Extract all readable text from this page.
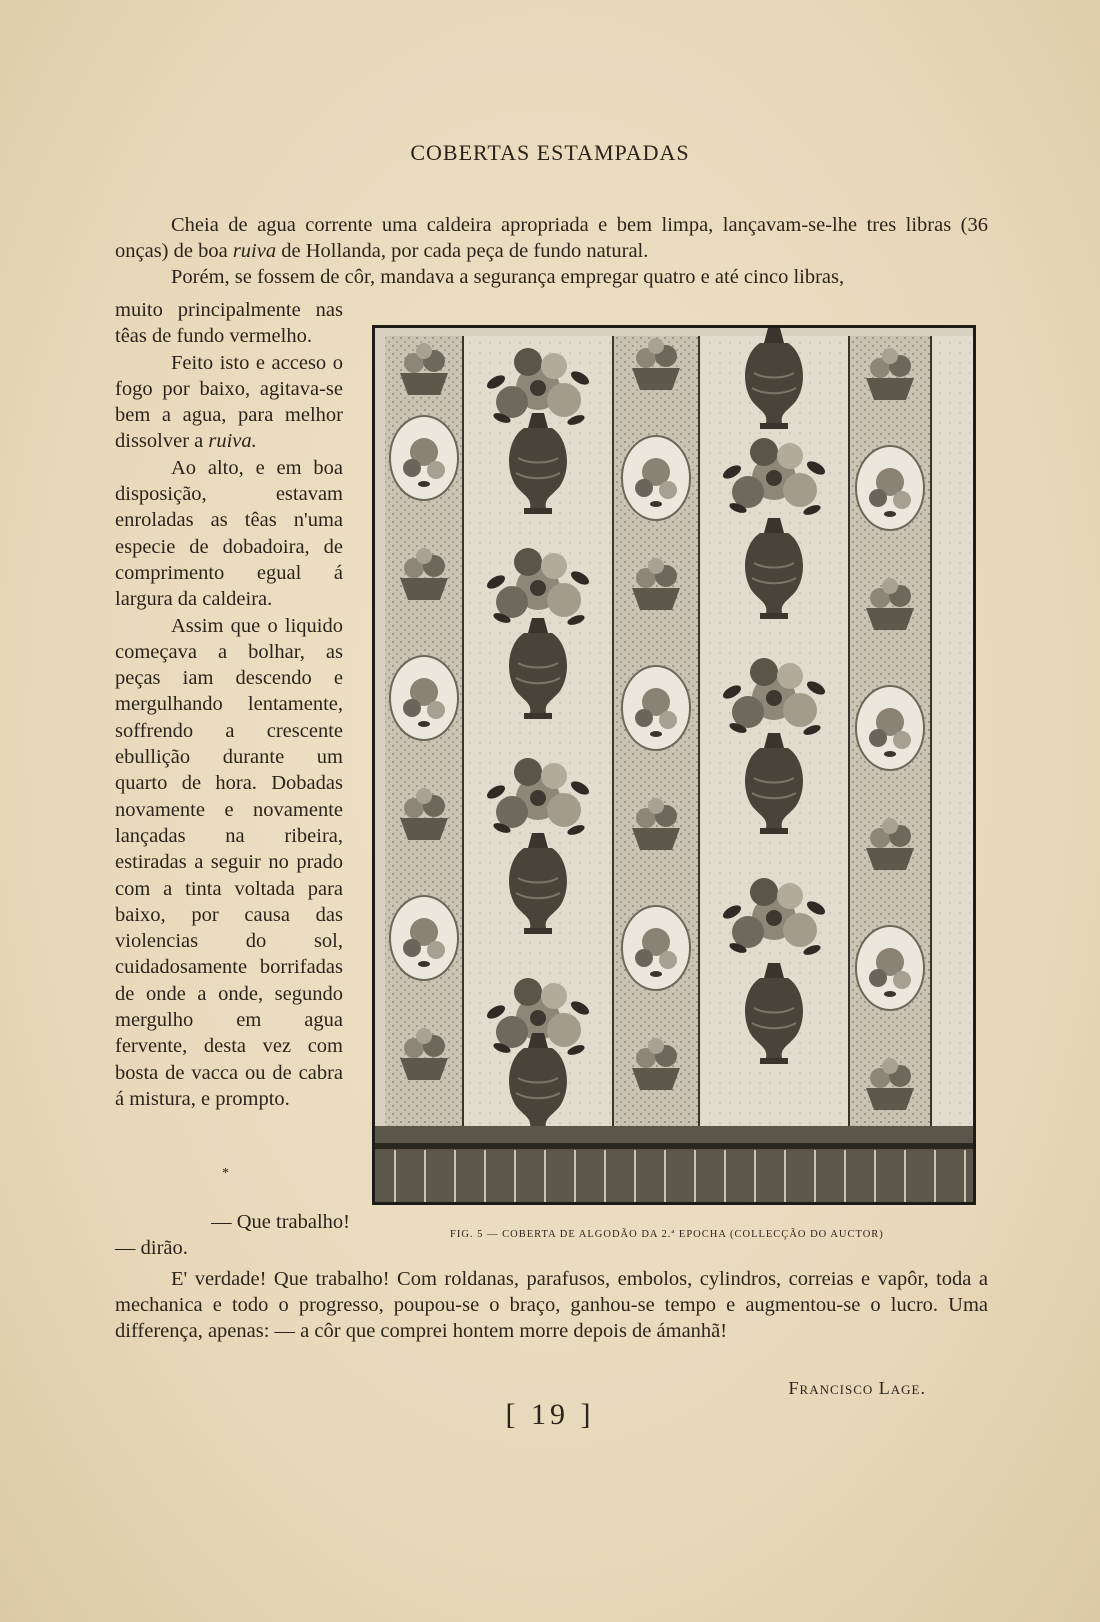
COBERTAS ESTAMPADAS
Cheia de agua corrente uma caldeira apropriada e bem limpa, lançavam-se-lhe tres libras (36 onças) de boa ruiva de Hollanda, por cada peça de fundo natural.
Porém, se fossem de côr, mandava a segurança empregar quatro e até cinco libras,

muito principalmente nas têas de fundo vermelho.

Feito isto e acceso o fogo por baixo, agitava-se bem a agua, para melhor dissolver a ruiva.

Ao alto, e em boa disposição, estavam enroladas as têas n'uma especie de dobadoira, de comprimento egual á largura da caldeira.

Assim que o liquido começava a bolhar, as peças iam descendo e mergulhando lentamente, soffrendo a crescente ebullição durante um quarto de hora. Dobadas novamente e novamente lançadas na ribeira, estiradas a seguir no prado com a tinta voltada para baixo, por causa das violencias do sol, cuidadosamente borrifadas de onde a onde, segundo mergulho em agua fervente, desta vez com bosta de vacca ou de cabra á mistura, e prompto.

FIG. 5 — COBERTA DE ALGODÃO DA 2.ª EPOCHA (COLLECÇÃO DO AUCTOR)
*
— Que trabalho!
— dirão.
E' verdade! Que trabalho! Com roldanas, parafusos, embolos, cylindros, correias e vapôr, toda a mechanica e todo o progresso, poupou-se o braço, ganhou-se tempo e augmentou-se o lucro. Uma differença, apenas: — a côr que comprei hontem morre depois de ámanhã!
Francisco Lage.
[ 19 ]
